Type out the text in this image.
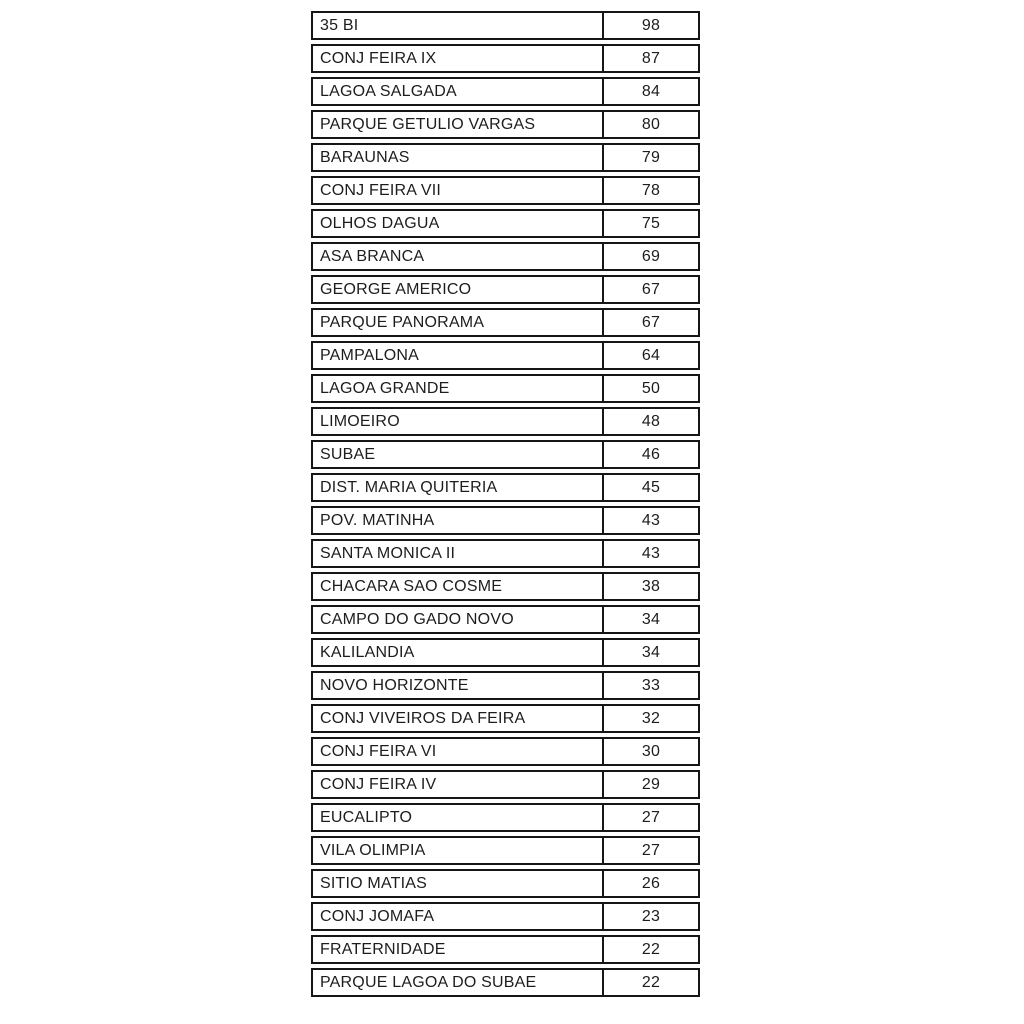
35 BI	98
CONJ FEIRA IX	87
LAGOA SALGADA	84
PARQUE GETULIO VARGAS	80
BARAUNAS	79
CONJ FEIRA VII	78
OLHOS DAGUA	75
ASA BRANCA	69
GEORGE AMERICO	67
PARQUE PANORAMA	67
PAMPALONA	64
LAGOA GRANDE	50
LIMOEIRO	48
SUBAE	46
DIST. MARIA QUITERIA	45
POV. MATINHA	43
SANTA MONICA II	43
CHACARA SAO COSME	38
CAMPO DO GADO NOVO	34
KALILANDIA	34
NOVO HORIZONTE	33
CONJ VIVEIROS DA FEIRA	32
CONJ FEIRA VI	30
CONJ FEIRA IV	29
EUCALIPTO	27
VILA OLIMPIA	27
SITIO MATIAS	26
CONJ JOMAFA	23
FRATERNIDADE	22
PARQUE LAGOA DO SUBAE	22
